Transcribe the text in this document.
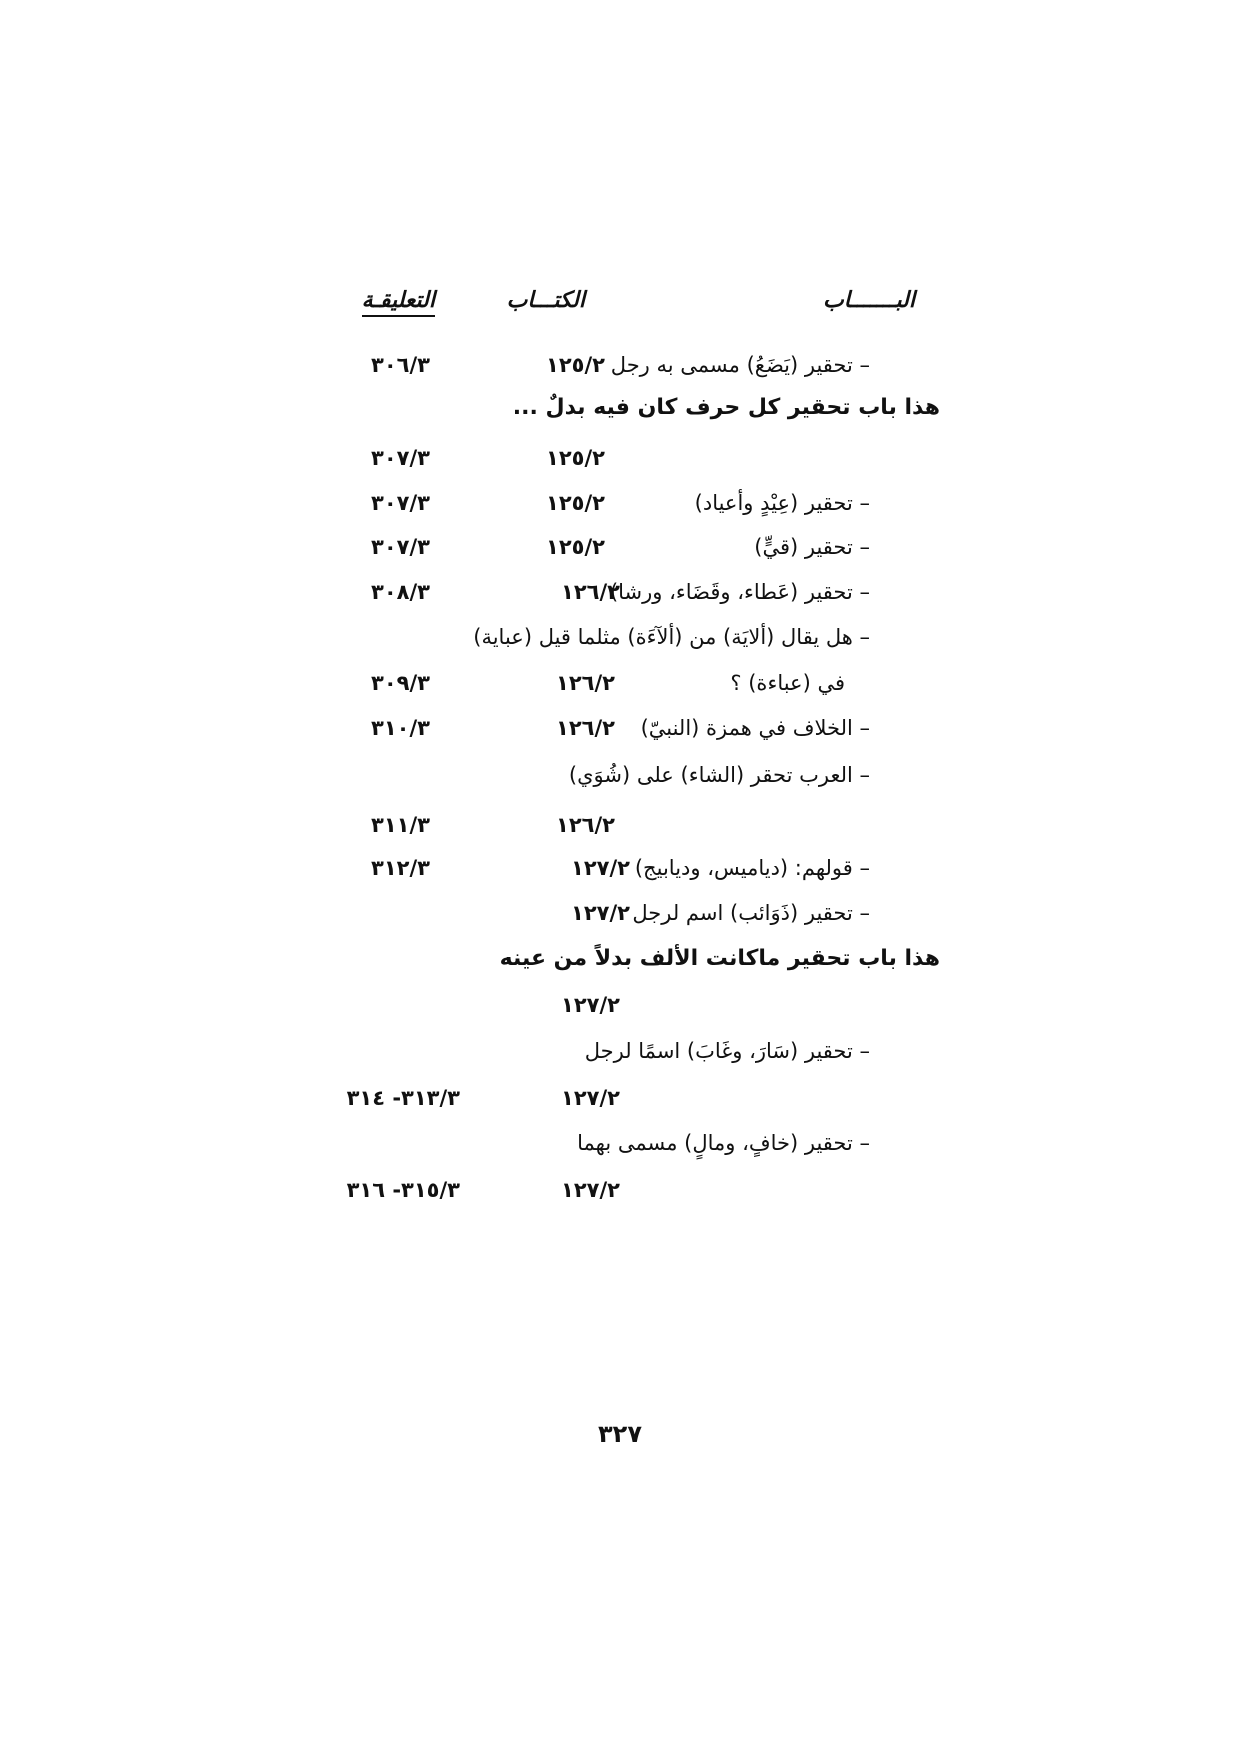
البـــــــاب
الكتـــاب
التعليقـة
– تحقير (يَضَعُ) مسمى به رجل
١٢٥/٢
٣٠٦/٣
هذا باب تحقير كل حرف كان فيه بدلٌ ...
١٢٥/٢
٣٠٧/٣
– تحقير (عِيْدٍ وأعياد)
١٢٥/٢
٣٠٧/٣
– تحقير (قيٍّ)
١٢٥/٢
٣٠٧/٣
– تحقير (عَطاء، وقَضَاء، ورشا)
١٢٦/٢
٣٠٨/٣
– هل يقال (ألايَة) من (ألآءَة) مثلما قيل (عباية)
في (عباءة) ؟
١٢٦/٢
٣٠٩/٣
– الخلاف في همزة (النبيّ)
١٢٦/٢
٣١٠/٣
– العرب تحقر (الشاء) على (شُوَي)
١٢٦/٢
٣١١/٣
– قولهم: (دياميس، وديابيج)
١٢٧/٢
٣١٢/٣
– تحقير (ذَوَائب) اسم لرجل
١٢٧/٢
هذا باب تحقير ماكانت الألف بدلاً من عينه
١٢٧/٢
– تحقير (سَارَ، وغَابَ) اسمًا لرجل
١٢٧/٢
٣١٣/٣- ٣١٤
– تحقير (خافٍ، ومالٍ) مسمى بهما
١٢٧/٢
٣١٥/٣- ٣١٦
٣٢٧
